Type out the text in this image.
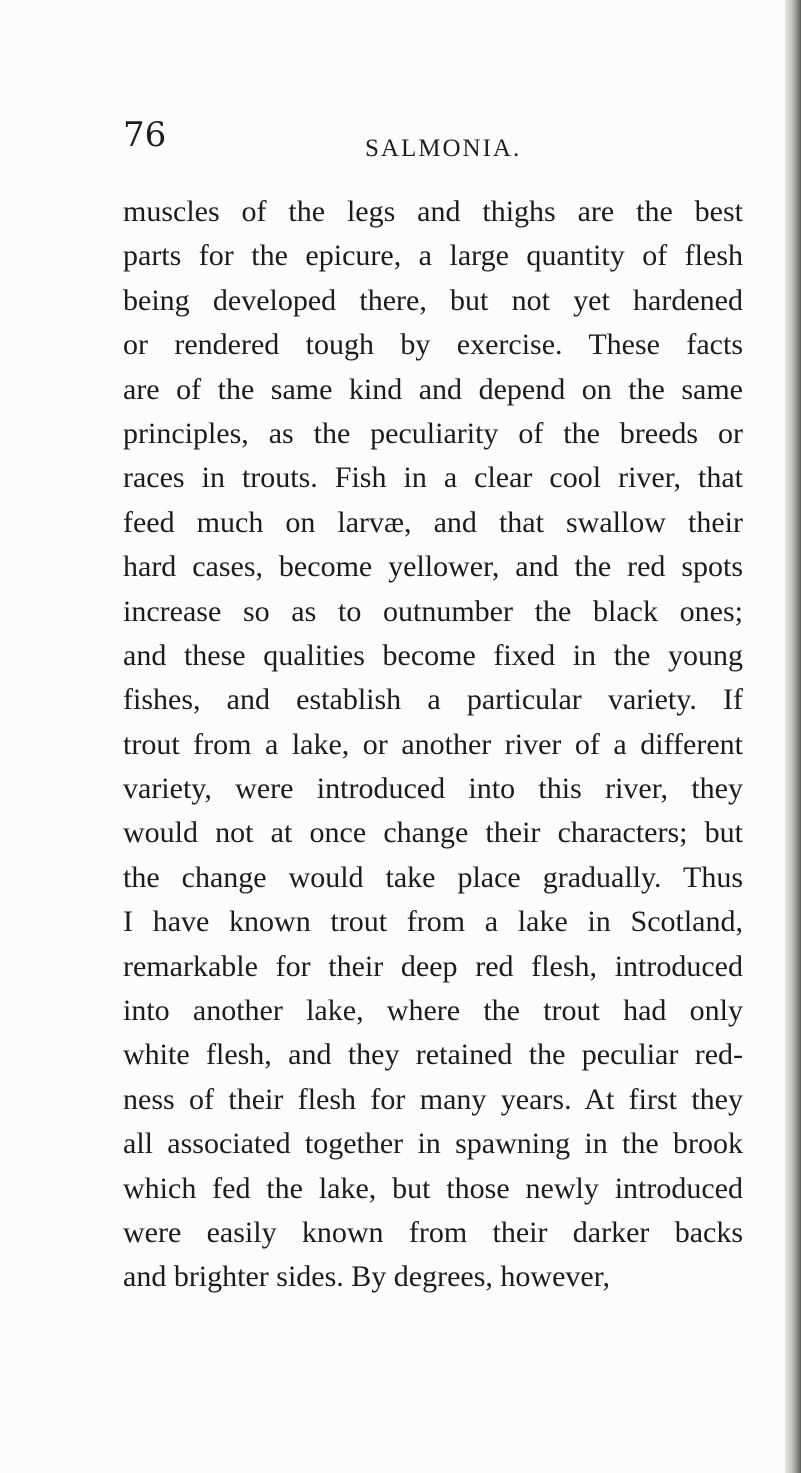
76	SALMONIA.
muscles of the legs and thighs are the best
parts for the epicure, a large quantity of flesh
being developed there, but not yet hardened
or rendered tough by exercise. These facts
are of the same kind and depend on the same
principles, as the peculiarity of the breeds or
races in trouts. Fish in a clear cool river, that
feed much on larvæ, and that swallow their
hard cases, become yellower, and the red spots
increase so as to outnumber the black ones;
and these qualities become fixed in the young
fishes, and establish a particular variety. If
trout from a lake, or another river of a different
variety, were introduced into this river, they
would not at once change their characters; but
the change would take place gradually. Thus
I have known trout from a lake in Scotland,
remarkable for their deep red flesh, introduced
into another lake, where the trout had only
white flesh, and they retained the peculiar red-
ness of their flesh for many years. At first they
all associated together in spawning in the brook
which fed the lake, but those newly introduced
were easily known from their darker backs
and brighter sides. By degrees, however,
